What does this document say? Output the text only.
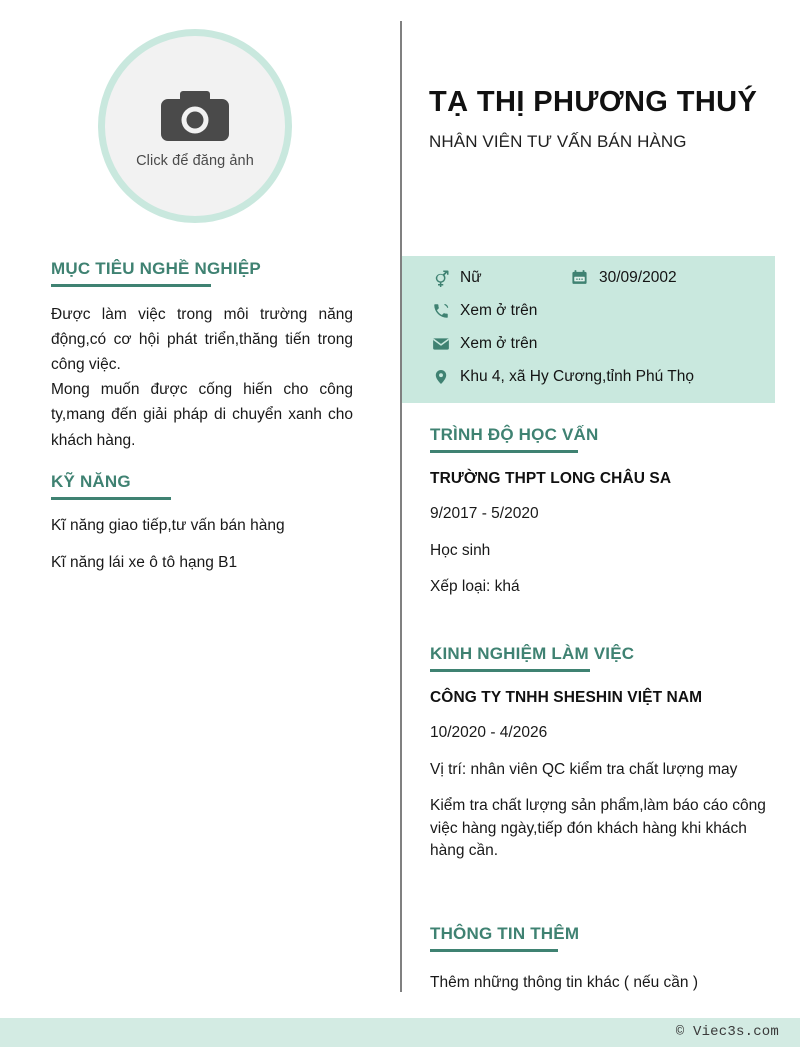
Click để đăng ảnh
MỤC TIÊU NGHỀ NGHIỆP

Được làm việc trong môi trường năng động,có cơ hội phát triển,thăng tiến trong công việc.

Mong muốn được cống hiến cho công ty,mang đến giải pháp di chuyển xanh cho khách hàng.

KỸ NĂNG
Kĩ năng giao tiếp,tư vấn bán hàng
Kĩ năng lái xe ô tô hạng B1
TẠ THỊ PHƯƠNG THUÝ
NHÂN VIÊN TƯ VẤN BÁN HÀNG
Nữ	30/09/2002
Xem ở trên
Xem ở trên
Khu 4, xã Hy Cương,tỉnh Phú Thọ
TRÌNH ĐỘ HỌC VẤN

TRƯỜNG THPT LONG CHÂU SA

9/2017 - 5/2020

Học sinh

Xếp loại: khá

KINH NGHIỆM LÀM VIỆC

CÔNG TY TNHH SHESHIN VIỆT NAM

10/2020 - 4/2026

Vị trí: nhân viên QC kiểm tra chất lượng may

Kiểm tra chất lượng sản phẩm,làm báo cáo công việc hàng ngày,tiếp đón khách hàng khi khách hàng cần.

THÔNG TIN THÊM

Thêm những thông tin khác ( nếu cần )

© Viec3s.com
